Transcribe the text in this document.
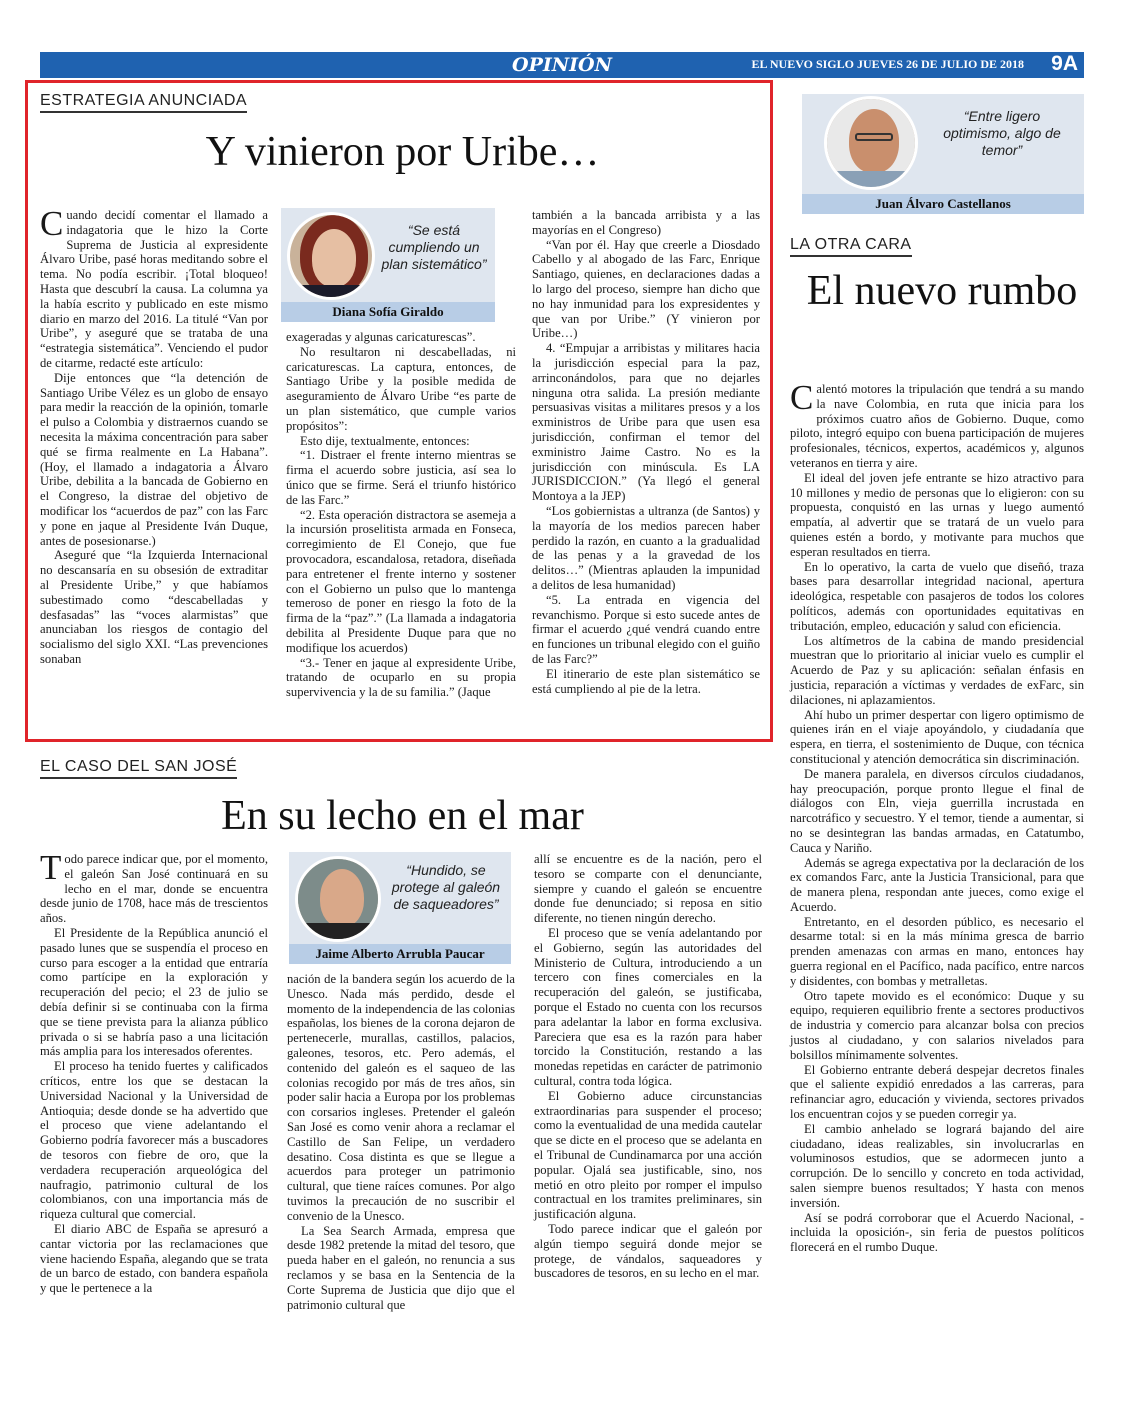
OPINIÓN	EL NUEVO SIGLO JUEVES 26 DE JULIO DE 2018 9A
ESTRATEGIA ANUNCIADA
Y vinieron por Uribe…

Cuando decidí comentar el llamado a indagatoria que le hizo la Corte Suprema de Justicia al expresidente Álvaro Uribe, pasé horas meditando sobre el tema. No podía escribir. ¡Total bloqueo! Hasta que descubrí la causa. La columna ya la había escrito y publicado en este mismo diario en marzo del 2016. La titulé “Van por Uribe”, y aseguré que se trataba de una “estrategia sistemática”. Venciendo el pudor de citarme, redacté este artículo:

Dije entonces que “la detención de Santiago Uribe Vélez es un globo de ensayo para medir la reacción de la opinión, tomarle el pulso a Colombia y distraernos cuando se necesita la máxima concentración para saber qué se firma realmente en La Habana”. (Hoy, el llamado a indagatoria a Álvaro Uribe, debilita a la bancada de Gobierno en el Congreso, la distrae del objetivo de modificar los “acuerdos de paz” con las Farc y pone en jaque al Presidente Iván Duque, antes de posesionarse.)

Aseguré que “la Izquierda Internacional no descansaría en su obsesión de extraditar al Presidente Uribe,” y que habíamos subestimado como “descabelladas y desfasadas” las “voces alarmistas” que anunciaban los riesgos de contagio del socialismo del siglo XXI. “Las prevenciones sonaban

“Se está cumpliendo un plan sistemático”
Diana Sofía Giraldo

exageradas y algunas caricaturescas”.

No resultaron ni descabelladas, ni caricaturescas. La captura, entonces, de Santiago Uribe y la posible medida de aseguramiento de Álvaro Uribe “es parte de un plan sistemático, que cumple varios propósitos”:

Esto dije, textualmente, entonces:

“1. Distraer el frente interno mientras se firma el acuerdo sobre justicia, así sea lo único que se firme. Será el triunfo histórico de las Farc.”

“2. Esta operación distractora se asemeja a la incursión proselitista armada en Fonseca, corregimiento de El Conejo, que fue provocadora, escandalosa, retadora, diseñada para entretener el frente interno y sostener con el Gobierno un pulso que lo mantenga temeroso de poner en riesgo la foto de la firma de la “paz”.” (La llamada a indagatoria debilita al Presidente Duque para que no modifique los acuerdos)

“3.- Tener en jaque al expresidente Uribe, tratando de ocuparlo en su propia supervivencia y la de su familia.” (Jaque

también a la bancada arribista y a las mayorías en el Congreso)

“Van por él. Hay que creerle a Diosdado Cabello y al abogado de las Farc, Enrique Santiago, quienes, en declaraciones dadas a lo largo del proceso, siempre han dicho que no hay inmunidad para los expresidentes y que van por Uribe.” (Y vinieron por Uribe…)

4. “Empujar a arribistas y militares hacia la jurisdicción especial para la paz, arrinconándolos, para que no dejarles ninguna otra salida. La presión mediante persuasivas visitas a militares presos y a los exministros de Uribe para que usen esa jurisdicción, confirman el temor del exministro Jaime Castro. No es la jurisdicción con minúscula. Es LA JURISDICCION.” (Ya llegó el general Montoya a la JEP)

“Los gobiernistas a ultranza (de Santos) y la mayoría de los medios parecen haber perdido la razón, en cuanto a la gradualidad de las penas y a la gravedad de los delitos…” (Mientras aplauden la impunidad a delitos de lesa humanidad)

“5. La entrada en vigencia del revanchismo. Porque si esto sucede antes de firmar el acuerdo ¿qué vendrá cuando entre en funciones un tribunal elegido con el guiño de las Farc?”

El itinerario de este plan sistemático se está cumpliendo al pie de la letra.

EL CASO DEL SAN JOSÉ
En su lecho en el mar

Todo parece indicar que, por el momento, el galeón San José continuará en su lecho en el mar, donde se encuentra desde junio de 1708, hace más de trescientos años.

El Presidente de la República anunció el pasado lunes que se suspendía el proceso en curso para escoger a la entidad que entraría como partícipe en la exploración y recuperación del pecio; el 23 de julio se debía definir si se continuaba con la firma que se tiene prevista para la alianza público privada o si se habría paso a una licitación más amplia para los interesados oferentes.

El proceso ha tenido fuertes y calificados críticos, entre los que se destacan la Universidad Nacional y la Universidad de Antioquia; desde donde se ha advertido que el proceso que viene adelantando el Gobierno podría favorecer más a buscadores de tesoros con fiebre de oro, que la verdadera recuperación arqueológica del naufragio, patrimonio cultural de los colombianos, con una importancia más de riqueza cultural que comercial.

El diario ABC de España se apresuró a cantar victoria por las reclamaciones que viene haciendo España, alegando que se trata de un barco de estado, con bandera española y que le pertenece a la

“Hundido, se protege al galeón de saqueadores”
Jaime Alberto Arrubla Paucar

nación de la bandera según los acuerdo de la Unesco. Nada más perdido, desde el momento de la independencia de las colonias españolas, los bienes de la corona dejaron de pertenecerle, murallas, castillos, palacios, galeones, tesoros, etc. Pero además, el contenido del galeón es el saqueo de las colonias recogido por más de tres años, sin poder salir hacia a Europa por los problemas con corsarios ingleses. Pretender el galeón San José es como venir ahora a reclamar el Castillo de San Felipe, un verdadero desatino. Cosa distinta es que se llegue a acuerdos para proteger un patrimonio cultural, que tiene raíces comunes. Por algo tuvimos la precaución de no suscribir el convenio de la Unesco.

La Sea Search Armada, empresa que desde 1982 pretende la mitad del tesoro, que pueda haber en el galeón, no renuncia a sus reclamos y se basa en la Sentencia de la Corte Suprema de Justicia que dijo que el patrimonio cultural que

allí se encuentre es de la nación, pero el tesoro se comparte con el denunciante, siempre y cuando el galeón se encuentre donde fue denunciado; si reposa en sitio diferente, no tienen ningún derecho.

El proceso que se venía adelantando por el Gobierno, según las autoridades del Ministerio de Cultura, introduciendo a un tercero con fines comerciales en la recuperación del galeón, se justificaba, porque el Estado no cuenta con los recursos para adelantar la labor en forma exclusiva. Pareciera que esa es la razón para haber torcido la Constitución, restando a las monedas repetidas en carácter de patrimonio cultural, contra toda lógica.

El Gobierno aduce circunstancias extraordinarias para suspender el proceso; como la eventualidad de una medida cautelar que se dicte en el proceso que se adelanta en el Tribunal de Cundinamarca por una acción popular. Ojalá sea justificable, sino, nos metió en otro pleito por romper el impulso contractual en los tramites preliminares, sin justificación alguna.

Todo parece indicar que el galeón por algún tiempo seguirá donde mejor se protege, de vándalos, saqueadores y buscadores de tesoros, en su lecho en el mar.

“Entre ligero optimismo, algo de temor”
Juan Álvaro Castellanos
LA OTRA CARA
El nuevo rumbo

Calentó motores la tripulación que tendrá a su mando la nave Colombia, en ruta que inicia para los próximos cuatro años de Gobierno. Duque, como piloto, integró equipo con buena participación de mujeres profesionales, técnicos, expertos, académicos y, algunos veteranos en tierra y aire.

El ideal del joven jefe entrante se hizo atractivo para 10 millones y medio de personas que lo eligieron: con su propuesta, conquistó en las urnas y luego aumentó empatía, al advertir que se tratará de un vuelo para quienes estén a bordo, y motivante para muchos que esperan resultados en tierra.

En lo operativo, la carta de vuelo que diseñó, traza bases para desarrollar integridad nacional, apertura ideológica, respetable con pasajeros de todos los colores políticos, además con oportunidades equitativas en tributación, empleo, educación y salud con eficiencia.

Los altímetros de la cabina de mando presidencial muestran que lo prioritario al iniciar vuelo es cumplir el Acuerdo de Paz y su aplicación: señalan énfasis en justicia, reparación a víctimas y verdades de exFarc, sin dilaciones, ni aplazamientos.

Ahí hubo un primer despertar con ligero optimismo de quienes irán en el viaje apoyándolo, y ciudadanía que espera, en tierra, el sostenimiento de Duque, con técnica constitucional y atención democrática sin discriminación.

De manera paralela, en diversos círculos ciudadanos, hay preocupación, porque pronto llegue el final de diálogos con Eln, vieja guerrilla incrustada en narcotráfico y secuestro. Y el temor, tiende a aumentar, si no se desintegran las bandas armadas, en Catatumbo, Cauca y Nariño.

Además se agrega expectativa por la declaración de los ex comandos Farc, ante la Justicia Transicional, para que de manera plena, respondan ante jueces, como exige el Acuerdo.

Entretanto, en el desorden público, es necesario el desarme total: si en la más mínima gresca de barrio prenden amenazas con armas en mano, entonces hay guerra regional en el Pacífico, nada pacífico, entre narcos y disidentes, con bombas y metralletas.

Otro tapete movido es el económico: Duque y su equipo, requieren equilibrio frente a sectores productivos de industria y comercio para alcanzar bolsa con precios justos al ciudadano, y con salarios nivelados para bolsillos mínimamente solventes.

El Gobierno entrante deberá despejar decretos finales que el saliente expidió enredados a las carreras, para refinanciar agro, educación y vivienda, sectores privados los encuentran cojos y se pueden corregir ya.

El cambio anhelado se logrará bajando del aire ciudadano, ideas realizables, sin involucrarlas en voluminosos estudios, que se adormecen junto a corrupción. De lo sencillo y concreto en toda actividad, salen siempre buenos resultados; Y hasta con menos inversión.

Así se podrá corroborar que el Acuerdo Nacional, -incluida la oposición-, sin feria de puestos políticos florecerá en el rumbo Duque.
